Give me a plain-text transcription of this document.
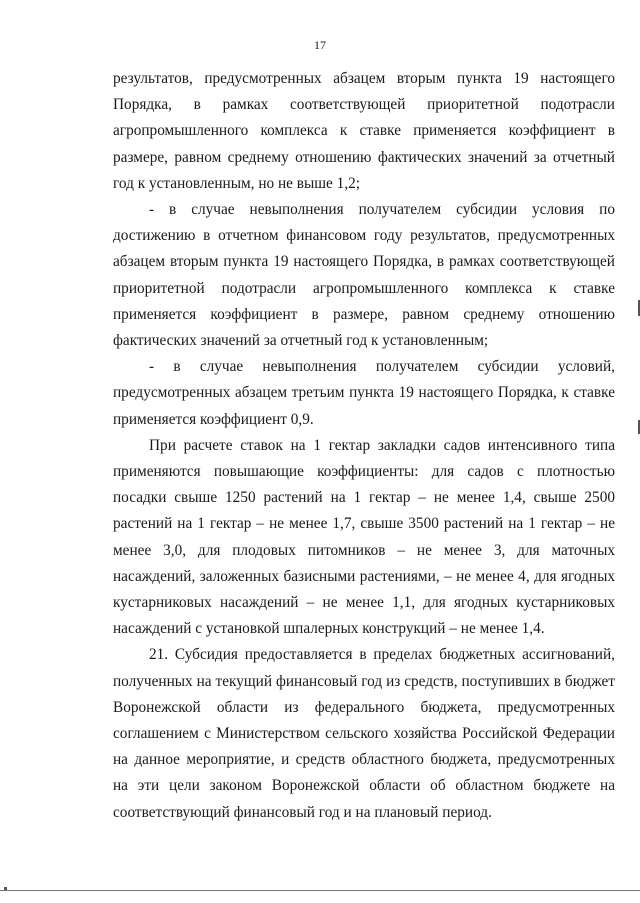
17

результатов, предусмотренных абзацем вторым пункта 19 настоящего Порядка, в рамках соответствующей приоритетной подотрасли агропромышленного комплекса к ставке применяется коэффициент в размере, равном среднему отношению фактических значений за отчетный год к установленным, но не выше 1,2;

- в случае невыполнения получателем субсидии условия по достижению в отчетном финансовом году результатов, предусмотренных абзацем вторым пункта 19 настоящего Порядка, в рамках соответствующей приоритетной подотрасли агропромышленного комплекса к ставке применяется коэффициент в размере, равном среднему отношению фактических значений за отчетный год к установленным;

- в случае невыполнения получателем субсидии условий, предусмотренных абзацем третьим пункта 19 настоящего Порядка, к ставке применяется коэффициент 0,9.

При расчете ставок на 1 гектар закладки садов интенсивного типа применяются повышающие коэффициенты: для садов с плотностью посадки свыше 1250 растений на 1 гектар – не менее 1,4, свыше 2500 растений на 1 гектар – не менее 1,7, свыше 3500 растений на 1 гектар – не менее 3,0, для плодовых питомников – не менее 3, для маточных насаждений, заложенных базисными растениями, – не менее 4, для ягодных кустарниковых насаждений – не менее 1,1, для ягодных кустарниковых насаждений с установкой шпалерных конструкций – не менее 1,4.

21. Субсидия предоставляется в пределах бюджетных ассигнований, полученных на текущий финансовый год из средств, поступивших в бюджет Воронежской области из федерального бюджета, предусмотренных соглашением с Министерством сельского хозяйства Российской Федерации на данное мероприятие, и средств областного бюджета, предусмотренных на эти цели законом Воронежской области об областном бюджете на соответствующий финансовый год и на плановый период.
